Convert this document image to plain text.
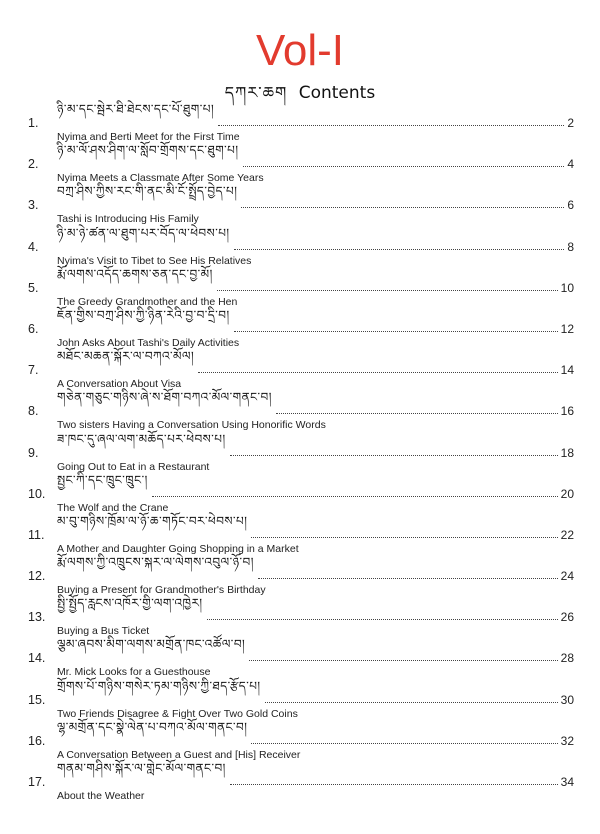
Vol-I
དཀར་ཆག Contents
1.
ཉི་མ་དང་སྦེར་ཐི་ཐེངས་དང་པོ་ཐུག་པ།
2
Nyima and Berti Meet for the First Time
2.
ཉི་མ་ལོ་ཤས་ཤིག་ལ་སློབ་གྲོགས་དང་ཐུག་པ།
4
Nyima Meets a Classmate After Some Years
3.
བཀྲ་ཤིས་ཀྱིས་རང་གི་ནང་མི་ངོ་སྤྲོད་བྱེད་པ།
6
Tashi is Introducing His Family
4.
ཉི་མ་ཉེ་ཚན་ལ་ཐུག་པར་བོད་ལ་ཕེབས་པ།
8
Nyima's Visit to Tibet to See His Relatives
5.
རྨོ་ལགས་འདོད་ཆགས་ཅན་དང་བྱ་མོ།
10
The Greedy Grandmother and the Hen
6.
ཇོན་གྱིས་བཀྲ་ཤིས་ཀྱི་ཉིན་རེའི་བྱ་བ་དྲི་བ།
12
John Asks About Tashi's Daily Activities
7.
མཐོང་མཆན་སྐོར་ལ་བཀའ་མོལ།
14
A Conversation About Visa
8.
གཅེན་གཅུང་གཉིས་ཞེ་ས་ཐོག་བཀའ་མོལ་གནང་བ།
16
Two sisters Having a Conversation Using Honorific Words
9.
ཟ་ཁང་དུ་ཞལ་ལག་མཆོད་པར་ཕེབས་པ།
18
Going Out to Eat in a Restaurant
10.
སྤྱང་ཀི་དང་ཁྲུང་ཁྲུང་།
20
The Wolf and the Crane
11.
མ་བུ་གཉིས་ཁྲོམ་ལ་ཉོ་ཆ་གཏོང་བར་ཕེབས་པ།
22
A Mother and Daughter Going Shopping in a Market
12.
རྨོ་ལགས་ཀྱི་འཁྲུངས་སྐར་ལ་ལེགས་འབུལ་ཉོ་བ།
24
Buying a Present for Grandmother's Birthday
13.
སྤྱི་སྤྱོད་རླངས་འཁོར་གྱི་ལག་འཁྱེར།
26
Buying a Bus Ticket
14.
ལྕམ་ཞབས་མིག་ལགས་མགྲོན་ཁང་འཚོལ་བ།
28
Mr. Mick Looks for a Guesthouse
15.
གྲོགས་པོ་གཉིས་གསེར་ཏམ་གཉིས་ཀྱི་ཐད་རྩོད་པ།
30
Two Friends Disagree & Fight Over Two Gold Coins
16.
ལྷ་མགྲོན་དང་སྣེ་ལེན་པ་བཀའ་མོལ་གནང་བ།
32
A Conversation Between a Guest and [His] Receiver
17.
གནམ་གཤིས་སྐོར་ལ་གླེང་མོལ་གནང་བ།
34
About the Weather
